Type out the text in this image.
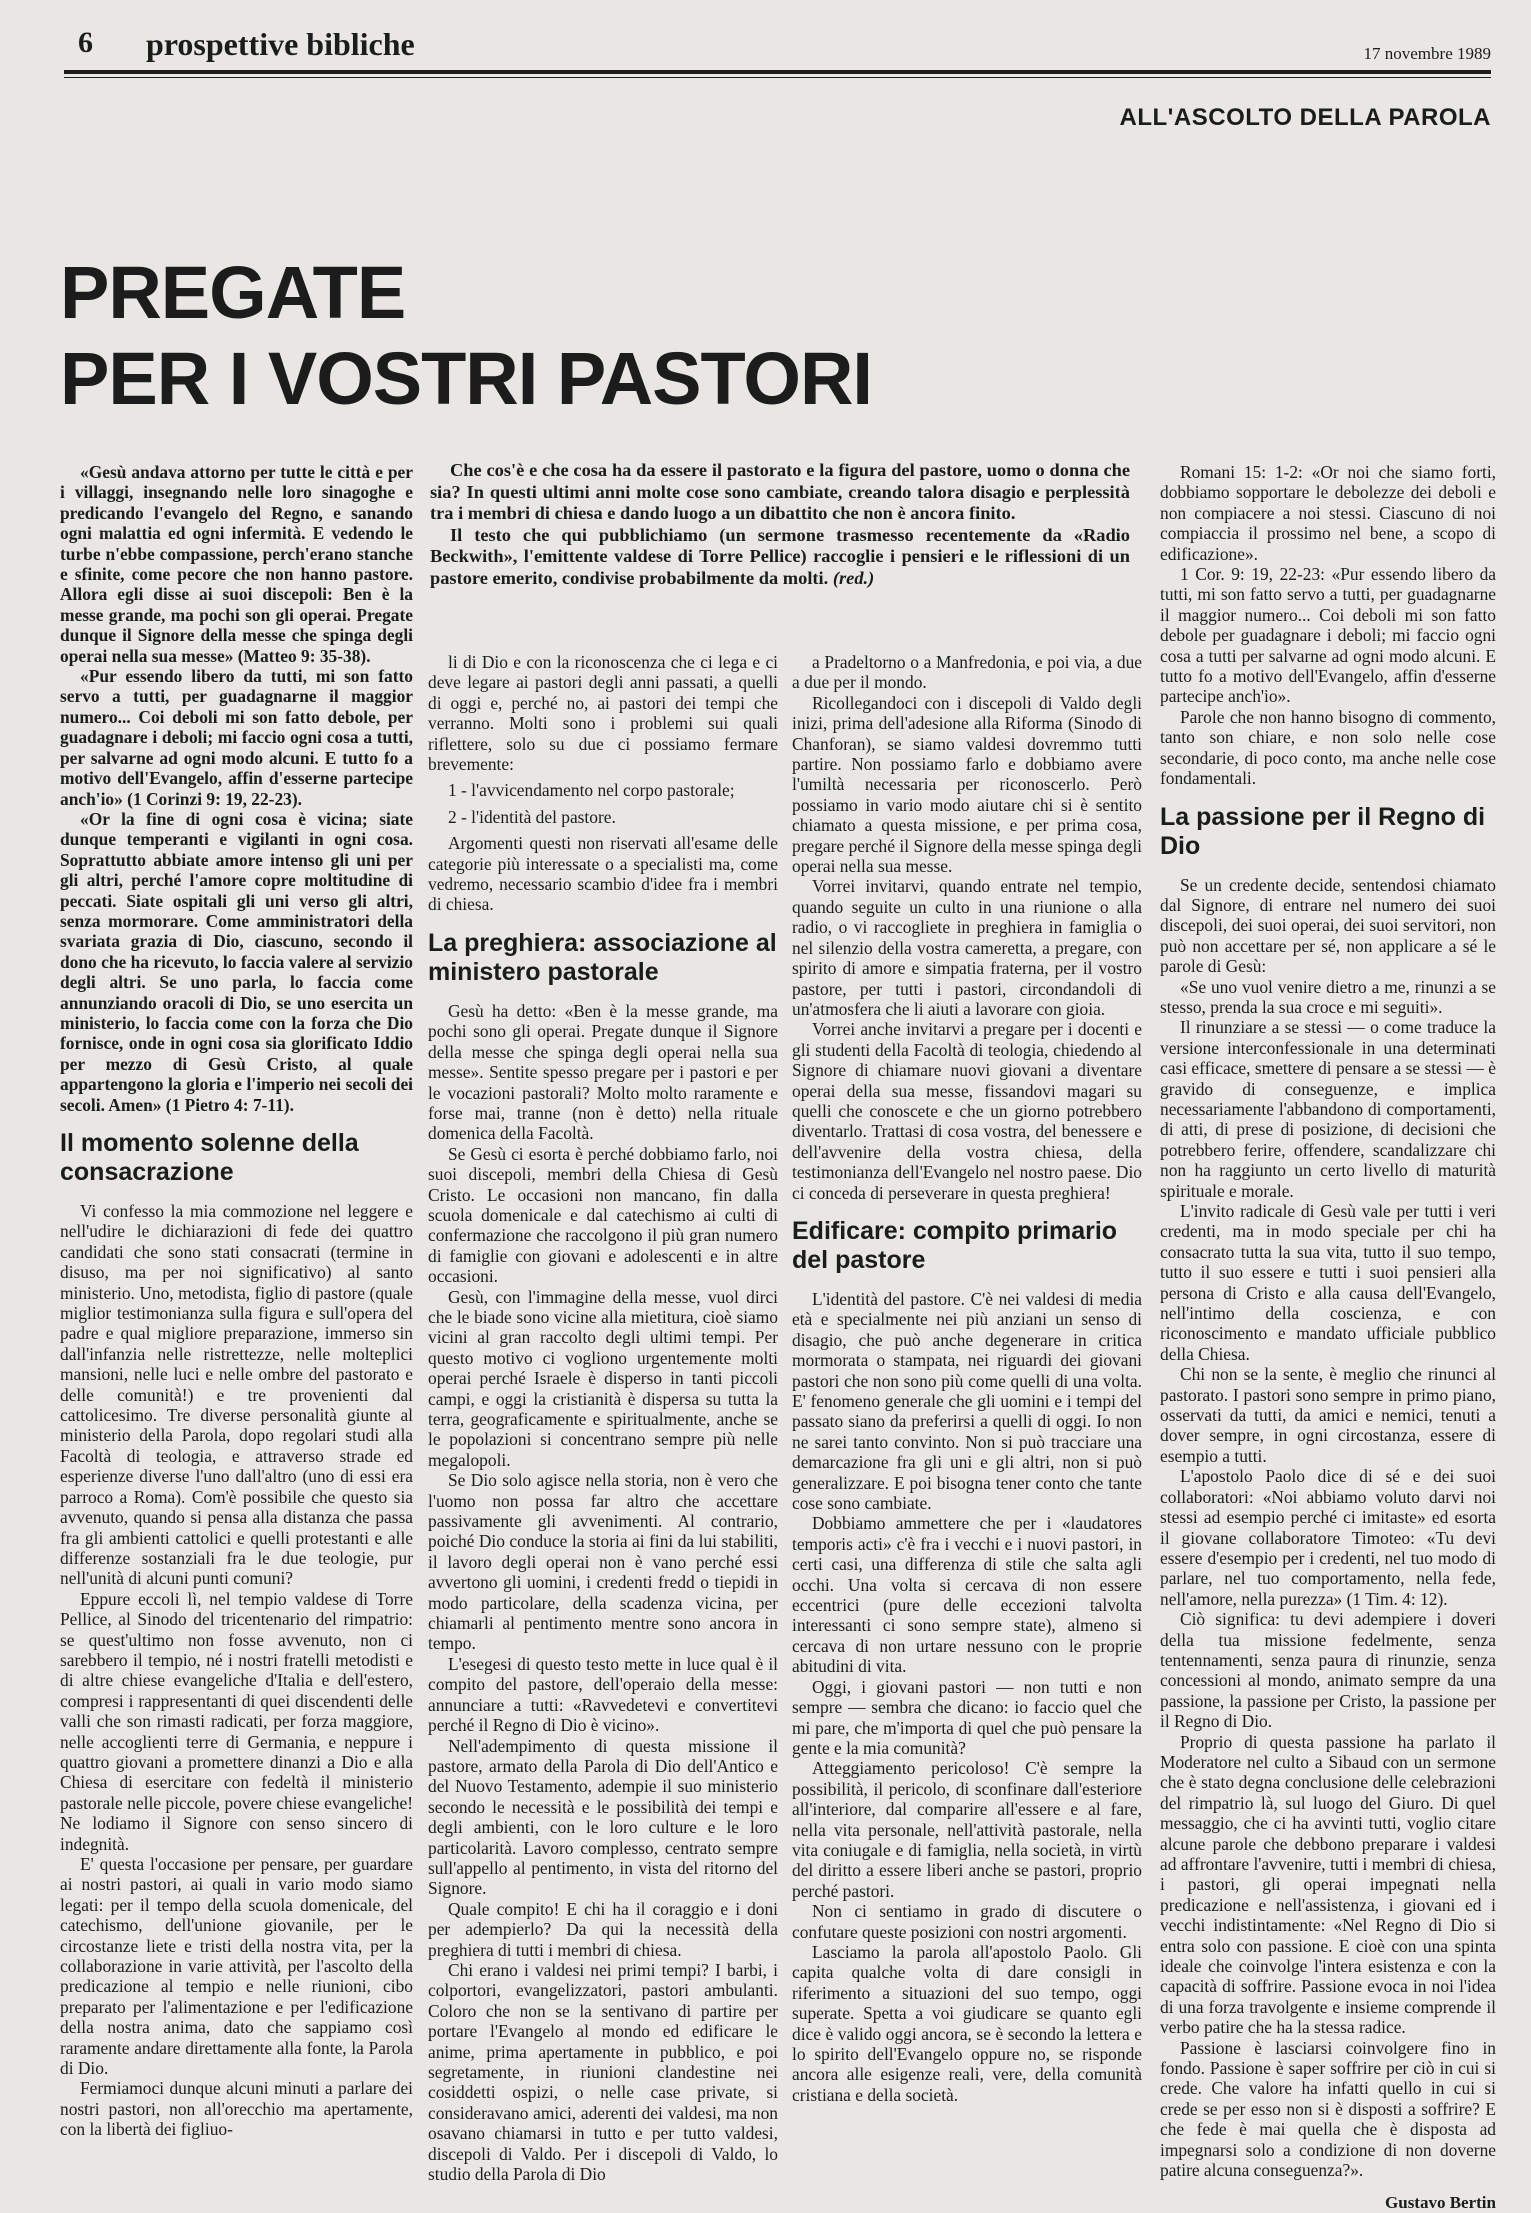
6 prospettive bibliche	17 novembre 1989
ALL'ASCOLTO DELLA PAROLA
PREGATE
PER I VOSTRI PASTORI

Che cos'è e che cosa ha da essere il pastorato e la figura del pastore, uomo o donna che sia? In questi ultimi anni molte cose sono cambiate, creando talora disagio e perplessità tra i membri di chiesa e dando luogo a un dibattito che non è ancora finito.

Il testo che qui pubblichiamo (un sermone trasmesso recentemente da «Radio Beckwith», l'emittente valdese di Torre Pellice) raccoglie i pensieri e le riflessioni di un pastore emerito, condivise probabilmente da molti. (red.)

«Gesù andava attorno per tutte le città e per i villaggi, insegnando nelle loro sinagoghe e predicando l'evangelo del Regno, e sanando ogni malattia ed ogni infermità. E vedendo le turbe n'ebbe compassione, perch'erano stanche e sfinite, come pecore che non hanno pastore. Allora egli disse ai suoi discepoli: Ben è la messe grande, ma pochi son gli operai. Pregate dunque il Signore della messe che spinga degli operai nella sua messe» (Matteo 9: 35-38).

«Pur essendo libero da tutti, mi son fatto servo a tutti, per guadagnarne il maggior numero... Coi deboli mi son fatto debole, per guadagnare i deboli; mi faccio ogni cosa a tutti, per salvarne ad ogni modo alcuni. E tutto fo a motivo dell'Evangelo, affin d'esserne partecipe anch'io» (1 Corinzi 9: 19, 22-23).

«Or la fine di ogni cosa è vicina; siate dunque temperanti e vigilanti in ogni cosa. Soprattutto abbiate amore intenso gli uni per gli altri, perché l'amore copre moltitudine di peccati. Siate ospitali gli uni verso gli altri, senza mormorare. Come amministratori della svariata grazia di Dio, ciascuno, secondo il dono che ha ricevuto, lo faccia valere al servizio degli altri. Se uno parla, lo faccia come annunziando oracoli di Dio, se uno esercita un ministerio, lo faccia come con la forza che Dio fornisce, onde in ogni cosa sia glorificato Iddio per mezzo di Gesù Cristo, al quale appartengono la gloria e l'imperio nei secoli dei secoli. Amen» (1 Pietro 4: 7-11).

Il momento solenne della consacrazione

Vi confesso la mia commozione nel leggere e nell'udire le dichiarazioni di fede dei quattro candidati che sono stati consacrati (termine in disuso, ma per noi significativo) al santo ministerio. Uno, metodista, figlio di pastore (quale miglior testimonianza sulla figura e sull'opera del padre e qual migliore preparazione, immerso sin dall'infanzia nelle ristrettezze, nelle molteplici mansioni, nelle luci e nelle ombre del pastorato e delle comunità!) e tre provenienti dal cattolicesimo. Tre diverse personalità giunte al ministerio della Parola, dopo regolari studi alla Facoltà di teologia, e attraverso strade ed esperienze diverse l'uno dall'altro (uno di essi era parroco a Roma). Com'è possibile che questo sia avvenuto, quando si pensa alla distanza che passa fra gli ambienti cattolici e quelli protestanti e alle differenze sostanziali fra le due teologie, pur nell'unità di alcuni punti comuni?

Eppure eccoli lì, nel tempio valdese di Torre Pellice, al Sinodo del tricentenario del rimpatrio: se quest'ultimo non fosse avvenuto, non ci sarebbero il tempio, né i nostri fratelli metodisti e di altre chiese evangeliche d'Italia e dell'estero, compresi i rappresentanti di quei discendenti delle valli che son rimasti radicati, per forza maggiore, nelle accoglienti terre di Germania, e neppure i quattro giovani a promettere dinanzi a Dio e alla Chiesa di esercitare con fedeltà il ministerio pastorale nelle piccole, povere chiese evangeliche! Ne lodiamo il Signore con senso sincero di indegnità.

E' questa l'occasione per pensare, per guardare ai nostri pastori, ai quali in vario modo siamo legati: per il tempo della scuola domenicale, del catechismo, dell'unione giovanile, per le circostanze liete e tristi della nostra vita, per la collaborazione in varie attività, per l'ascolto della predicazione al tempio e nelle riunioni, cibo preparato per l'alimentazione e per l'edificazione della nostra anima, dato che sappiamo così raramente andare direttamente alla fonte, la Parola di Dio.

Fermiamoci dunque alcuni minuti a parlare dei nostri pastori, non all'orecchio ma apertamente, con la libertà dei figliuo-

li di Dio e con la riconoscenza che ci lega e ci deve legare ai pastori degli anni passati, a quelli di oggi e, perché no, ai pastori dei tempi che verranno. Molti sono i problemi sui quali riflettere, solo su due ci possiamo fermare brevemente:

1 - l'avvicendamento nel corpo pastorale;
2 - l'identità del pastore.

Argomenti questi non riservati all'esame delle categorie più interessate o a specialisti ma, come vedremo, necessario scambio d'idee fra i membri di chiesa.

La preghiera: associazione al ministero pastorale

Gesù ha detto: «Ben è la messe grande, ma pochi sono gli operai. Pregate dunque il Signore della messe che spinga degli operai nella sua messe». Sentite spesso pregare per i pastori e per le vocazioni pastorali? Molto molto raramente e forse mai, tranne (non è detto) nella rituale domenica della Facoltà.

Se Gesù ci esorta è perché dobbiamo farlo, noi suoi discepoli, membri della Chiesa di Gesù Cristo. Le occasioni non mancano, fin dalla scuola domenicale e dal catechismo ai culti di confermazione che raccolgono il più gran numero di famiglie con giovani e adolescenti e in altre occasioni.

Gesù, con l'immagine della messe, vuol dirci che le biade sono vicine alla mietitura, cioè siamo vicini al gran raccolto degli ultimi tempi. Per questo motivo ci vogliono urgentemente molti operai perché Israele è disperso in tanti piccoli campi, e oggi la cristianità è dispersa su tutta la terra, geograficamente e spiritualmente, anche se le popolazioni si concentrano sempre più nelle megalopoli.

Se Dio solo agisce nella storia, non è vero che l'uomo non possa far altro che accettare passivamente gli avvenimenti. Al contrario, poiché Dio conduce la storia ai fini da lui stabiliti, il lavoro degli operai non è vano perché essi avvertono gli uomini, i credenti fredd o tiepidi in modo particolare, della scadenza vicina, per chiamarli al pentimento mentre sono ancora in tempo.

L'esegesi di questo testo mette in luce qual è il compito del pastore, dell'operaio della messe: annunciare a tutti: «Ravvedetevi e convertitevi perché il Regno di Dio è vicino».

Nell'adempimento di questa missione il pastore, armato della Parola di Dio dell'Antico e del Nuovo Testamento, adempie il suo ministerio secondo le necessità e le possibilità dei tempi e degli ambienti, con le loro culture e le loro particolarità. Lavoro complesso, centrato sempre sull'appello al pentimento, in vista del ritorno del Signore.

Quale compito! E chi ha il coraggio e i doni per adempierlo? Da qui la necessità della preghiera di tutti i membri di chiesa.

Chi erano i valdesi nei primi tempi? I barbi, i colportori, evangelizzatori, pastori ambulanti. Coloro che non se la sentivano di partire per portare l'Evangelo al mondo ed edificare le anime, prima apertamente in pubblico, e poi segretamente, in riunioni clandestine nei cosiddetti ospizi, o nelle case private, si consideravano amici, aderenti dei valdesi, ma non osavano chiamarsi in tutto e per tutto valdesi, discepoli di Valdo. Per i discepoli di Valdo, lo studio della Parola di Dio

a Pradeltorno o a Manfredonia, e poi via, a due a due per il mondo.

Ricollegandoci con i discepoli di Valdo degli inizi, prima dell'adesione alla Riforma (Sinodo di Chanforan), se siamo valdesi dovremmo tutti partire. Non possiamo farlo e dobbiamo avere l'umiltà necessaria per riconoscerlo. Però possiamo in vario modo aiutare chi si è sentito chiamato a questa missione, e per prima cosa, pregare perché il Signore della messe spinga degli operai nella sua messe.

Vorrei invitarvi, quando entrate nel tempio, quando seguite un culto in una riunione o alla radio, o vi raccogliete in preghiera in famiglia o nel silenzio della vostra cameretta, a pregare, con spirito di amore e simpatia fraterna, per il vostro pastore, per tutti i pastori, circondandoli di un'atmosfera che li aiuti a lavorare con gioia.

Vorrei anche invitarvi a pregare per i docenti e gli studenti della Facoltà di teologia, chiedendo al Signore di chiamare nuovi giovani a diventare operai della sua messe, fissandovi magari su quelli che conoscete e che un giorno potrebbero diventarlo. Trattasi di cosa vostra, del benessere e dell'avvenire della vostra chiesa, della testimonianza dell'Evangelo nel nostro paese. Dio ci conceda di perseverare in questa preghiera!

Edificare: compito primario del pastore

L'identità del pastore. C'è nei valdesi di media età e specialmente nei più anziani un senso di disagio, che può anche degenerare in critica mormorata o stampata, nei riguardi dei giovani pastori che non sono più come quelli di una volta. E' fenomeno generale che gli uomini e i tempi del passato siano da preferirsi a quelli di oggi. Io non ne sarei tanto convinto. Non si può tracciare una demarcazione fra gli uni e gli altri, non si può generalizzare. E poi bisogna tener conto che tante cose sono cambiate.

Dobbiamo ammettere che per i «laudatores temporis acti» c'è fra i vecchi e i nuovi pastori, in certi casi, una differenza di stile che salta agli occhi. Una volta si cercava di non essere eccentrici (pure delle eccezioni talvolta interessanti ci sono sempre state), almeno si cercava di non urtare nessuno con le proprie abitudini di vita.

Oggi, i giovani pastori — non tutti e non sempre — sembra che dicano: io faccio quel che mi pare, che m'importa di quel che può pensare la gente e la mia comunità?

Atteggiamento pericoloso! C'è sempre la possibilità, il pericolo, di sconfinare dall'esteriore all'interiore, dal comparire all'essere e al fare, nella vita personale, nell'attività pastorale, nella vita coniugale e di famiglia, nella società, in virtù del diritto a essere liberi anche se pastori, proprio perché pastori.

Non ci sentiamo in grado di discutere o confutare queste posizioni con nostri argomenti.

Lasciamo la parola all'apostolo Paolo. Gli capita qualche volta di dare consigli in riferimento a situazioni del suo tempo, oggi superate. Spetta a voi giudicare se quanto egli dice è valido oggi ancora, se è secondo la lettera e lo spirito dell'Evangelo oppure no, se risponde ancora alle esigenze reali, vere, della comunità cristiana e della società.

Romani 15: 1-2: «Or noi che siamo forti, dobbiamo sopportare le debolezze dei deboli e non compiacere a noi stessi. Ciascuno di noi compiaccia il prossimo nel bene, a scopo di edificazione».

1 Cor. 9: 19, 22-23: «Pur essendo libero da tutti, mi son fatto servo a tutti, per guadagnarne il maggior numero... Coi deboli mi son fatto debole per guadagnare i deboli; mi faccio ogni cosa a tutti per salvarne ad ogni modo alcuni. E tutto fo a motivo dell'Evangelo, affin d'esserne partecipe anch'io».

Parole che non hanno bisogno di commento, tanto son chiare, e non solo nelle cose secondarie, di poco conto, ma anche nelle cose fondamentali.

La passione per il Regno di Dio

Se un credente decide, sentendosi chiamato dal Signore, di entrare nel numero dei suoi discepoli, dei suoi operai, dei suoi servitori, non può non accettare per sé, non applicare a sé le parole di Gesù:

«Se uno vuol venire dietro a me, rinunzi a se stesso, prenda la sua croce e mi seguiti».

Il rinunziare a se stessi — o come traduce la versione interconfessionale in una determinati casi efficace, smettere di pensare a se stessi — è gravido di conseguenze, e implica necessariamente l'abbandono di comportamenti, di atti, di prese di posizione, di decisioni che potrebbero ferire, offendere, scandalizzare chi non ha raggiunto un certo livello di maturità spirituale e morale.

L'invito radicale di Gesù vale per tutti i veri credenti, ma in modo speciale per chi ha consacrato tutta la sua vita, tutto il suo tempo, tutto il suo essere e tutti i suoi pensieri alla persona di Cristo e alla causa dell'Evangelo, nell'intimo della coscienza, e con riconoscimento e mandato ufficiale pubblico della Chiesa.

Chi non se la sente, è meglio che rinunci al pastorato. I pastori sono sempre in primo piano, osservati da tutti, da amici e nemici, tenuti a dover sempre, in ogni circostanza, essere di esempio a tutti.

L'apostolo Paolo dice di sé e dei suoi collaboratori: «Noi abbiamo voluto darvi noi stessi ad esempio perché ci imitaste» ed esorta il giovane collaboratore Timoteo: «Tu devi essere d'esempio per i credenti, nel tuo modo di parlare, nel tuo comportamento, nella fede, nell'amore, nella purezza» (1 Tim. 4: 12).

Ciò significa: tu devi adempiere i doveri della tua missione fedelmente, senza tentennamenti, senza paura di rinunzie, senza concessioni al mondo, animato sempre da una passione, la passione per Cristo, la passione per il Regno di Dio.

Proprio di questa passione ha parlato il Moderatore nel culto a Sibaud con un sermone che è stato degna conclusione delle celebrazioni del rimpatrio là, sul luogo del Giuro. Di quel messaggio, che ci ha avvinti tutti, voglio citare alcune parole che debbono preparare i valdesi ad affrontare l'avvenire, tutti i membri di chiesa, i pastori, gli operai impegnati nella predicazione e nell'assistenza, i giovani ed i vecchi indistintamente: «Nel Regno di Dio si entra solo con passione. E cioè con una spinta ideale che coinvolge l'intera esistenza e con la capacità di soffrire. Passione evoca in noi l'idea di una forza travolgente e insieme comprende il verbo patire che ha la stessa radice.

Passione è lasciarsi coinvolgere fino in fondo. Passione è saper soffrire per ciò in cui si crede. Che valore ha infatti quello in cui si crede se per esso non si è disposti a soffrire? E che fede è mai quella che è disposta ad impegnarsi solo a condizione di non doverne patire alcuna conseguenza?».

Gustavo Bertin
